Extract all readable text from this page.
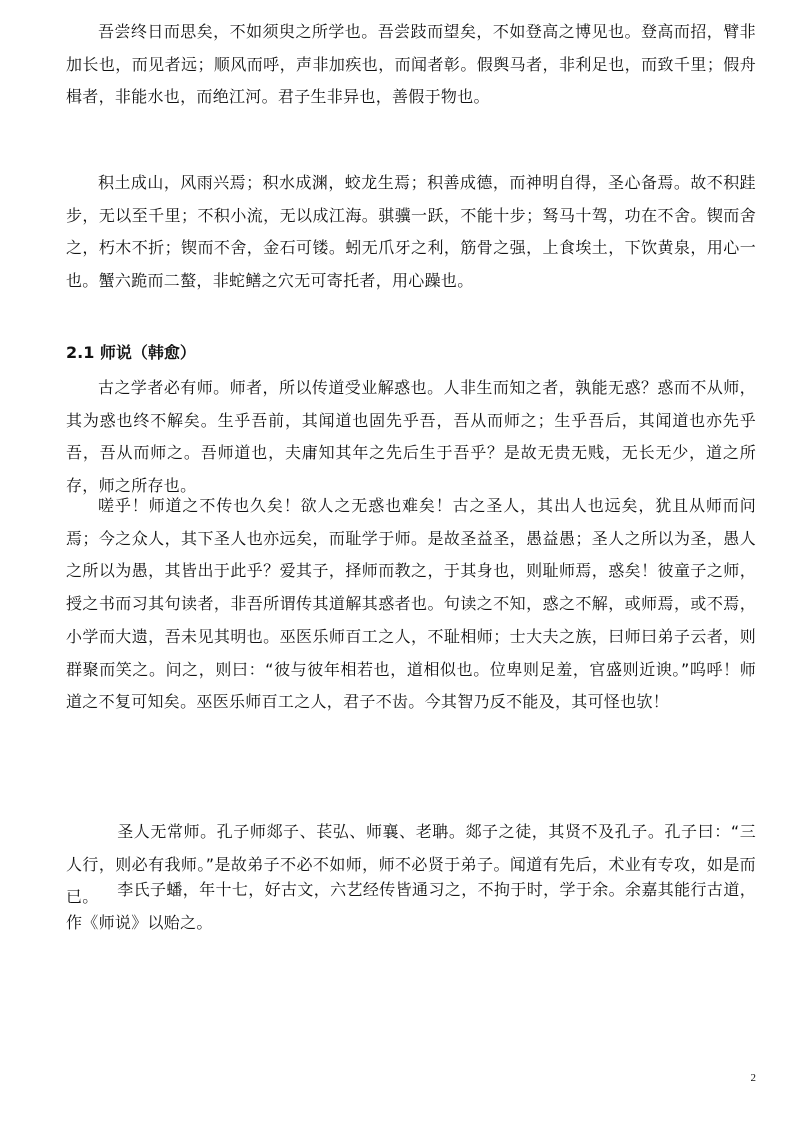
吾尝终日而思矣，不如须臾之所学也。吾尝跂而望矣，不如登高之博见也。登高而招，臂非加长也，而见者远；顺风而呼，声非加疾也，而闻者彰。假舆马者，非利足也，而致千里；假舟楫者，非能水也，而绝江河。君子生非异也，善假于物也。

积土成山，风雨兴焉；积水成渊，蛟龙生焉；积善成德，而神明自得，圣心备焉。故不积跬步，无以至千里；不积小流，无以成江海。骐骥一跃，不能十步；驽马十驾，功在不舍。锲而舍之，朽木不折；锲而不舍，金石可镂。蚓无爪牙之利，筋骨之强，上食埃土，下饮黄泉，用心一也。蟹六跪而二螯，非蛇鳝之穴无可寄托者，用心躁也。

2.1 师说（韩愈）

古之学者必有师。师者，所以传道受业解惑也。人非生而知之者，孰能无惑？惑而不从师，其为惑也终不解矣。生乎吾前，其闻道也固先乎吾，吾从而师之；生乎吾后，其闻道也亦先乎吾，吾从而师之。吾师道也，夫庸知其年之先后生于吾乎？是故无贵无贱，无长无少，道之所存，师之所存也。

嗟乎！师道之不传也久矣！欲人之无惑也难矣！古之圣人，其出人也远矣，犹且从师而问焉；今之众人，其下圣人也亦远矣，而耻学于师。是故圣益圣，愚益愚；圣人之所以为圣，愚人之所以为愚，其皆出于此乎？爱其子，择师而教之，于其身也，则耻师焉，惑矣！彼童子之师，授之书而习其句读者，非吾所谓传其道解其惑者也。句读之不知，惑之不解，或师焉，或不焉，小学而大遗，吾未见其明也。巫医乐师百工之人，不耻相师；士大夫之族，曰师曰弟子云者，则群聚而笑之。问之，则曰：“彼与彼年相若也，道相似也。位卑则足羞，官盛则近谀。”呜呼！师道之不复可知矣。巫医乐师百工之人，君子不齿。今其智乃反不能及，其可怪也欤！

圣人无常师。孔子师郯子、苌弘、师襄、老聃。郯子之徒，其贤不及孔子。孔子曰：“三人行，则必有我师。”是故弟子不必不如师，师不必贤于弟子。闻道有先后，术业有专攻，如是而已。	李氏子蟠，年十七，好古文，六艺经传皆通习之，不拘于时，学于余。余嘉其能行古道，作《师说》以贻之。

2
